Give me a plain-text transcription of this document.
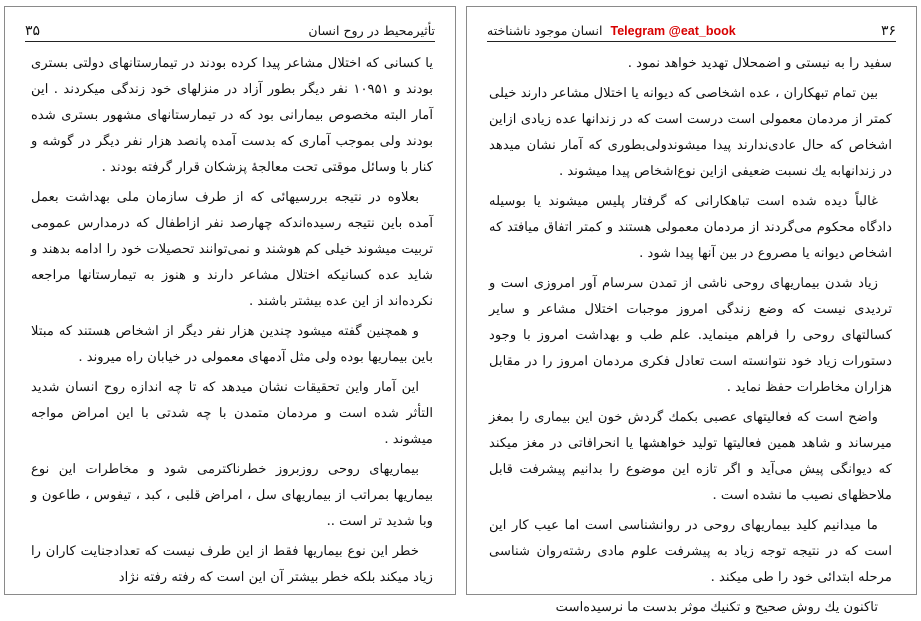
۳۵	تأثیرمحیط در روح انسان

یا کسانی که اختلال مشاعر پیدا کرده بودند در تیمارستانهای دولتی بستری بودند و ۱۰۹۵۱ نفر دیگر بطور آزاد در منزلهای خود زندگی میکردند . این آمار البته مخصوص بیمارانی بود که در تیمارستانهای مشهور بستری شده بودند ولی بموجب آماری که بدست آمده پانصد هزار نفر دیگر در گوشه و کنار با وسائل موقتی تحت معالجهٔ پزشکان قرار گرفته بودند .

بعلاوه در نتیجه بررسیهائی که از طرف سازمان ملی بهداشت بعمل آمده باین نتیجه رسیده‌اندکه چهارصد نفر ازاطفال که درمدارس عمومی تربیت میشوند خیلی کم هوشند و نمی‌توانند تحصیلات خود را ادامه بدهند و شاید عده کسانیکه اختلال مشاعر دارند و هنوز به تیمارستانها مراجعه نکرده‌اند از این عده بیشتر باشند .

و همچنین گفته میشود چندین هزار نفر دیگر از اشخاص هستند که مبتلا باین بیماریها بوده ولی مثل آدمهای معمولی در خیابان راه میروند .

این آمار واین تحقیقات نشان میدهد که تا چه اندازه روح انسان شدید التأثر شده است و مردمان متمدن با چه شدتی با این امراض مواجه میشوند .

بیماریهای روحی روزبروز خطرناکترمی شود و مخاطرات این نوع بیماریها بمراتب از بیماریهای سل ، امراض قلبی ، کبد ، تیفوس ، طاعون و وبا شدید تر است ..

خطر این نوع بیماریها فقط از این طرف نیست که تعدادجنایت کاران را زیاد میکند بلکه خطر بیشتر آن این است که رفته رفته نژاد

انسان موجود ناشناخته Telegram @eat_book	۳۶

سفید را به نیستی و اضمحلال تهدید خواهد نمود .

بین تمام تبهکاران ، عده اشخاصی که دیوانه یا اختلال مشاعر دارند خیلی کمتر از مردمان معمولی است درست است که در زندانها عده زیادی ازاین اشخاص که حال عادی‌ندارند پیدا میشوندولی‌بطوری که آمار نشان میدهد در زندانهابه یك نسبت ضعیفی ازاین نوع‌اشخاص پیدا میشوند .

غالباً دیده شده است تباهکارانی که گرفتار پلیس میشوند یا بوسیله دادگاه محکوم می‌گردند از مردمان معمولی هستند و کمتر اتفاق میافتد که اشخاص دیوانه یا مصروع در بین آنها پیدا شود .

زیاد شدن بیماریهای روحی ناشی از تمدن سرسام آور امروزی است و تردیدی نیست که وضع زندگی امروز موجبات اختلال مشاعر و سایر کسالتهای روحی را فراهم مینماید. علم طب و بهداشت امروز با وجود دستورات زیاد خود نتوانسته است تعادل فکری مردمان امروز را در مقابل هزاران مخاطرات حفظ نماید .

واضح است که فعالیتهای عصبی بکمك گردش خون این بیماری را بمغز میرساند و شاهد همین فعالیتها تولید خواهشها یا انحرافاتی در مغز میکند که دیوانگی پیش می‌آید و اگر تازه این موضوع را بدانیم پیشرفت قابل ملاحظهای نصیب ما نشده است .

ما میدانیم کلید بیماریهای روحی در روانشناسی است اما عیب کار این است که در نتیجه توجه زیاد به پیشرفت علوم مادی رشته‌روان شناسی مرحله ابتدائی خود را طی میکند .

تاکنون یك روش صحیح و تکنیك موثر بدست ما نرسیده‌است
